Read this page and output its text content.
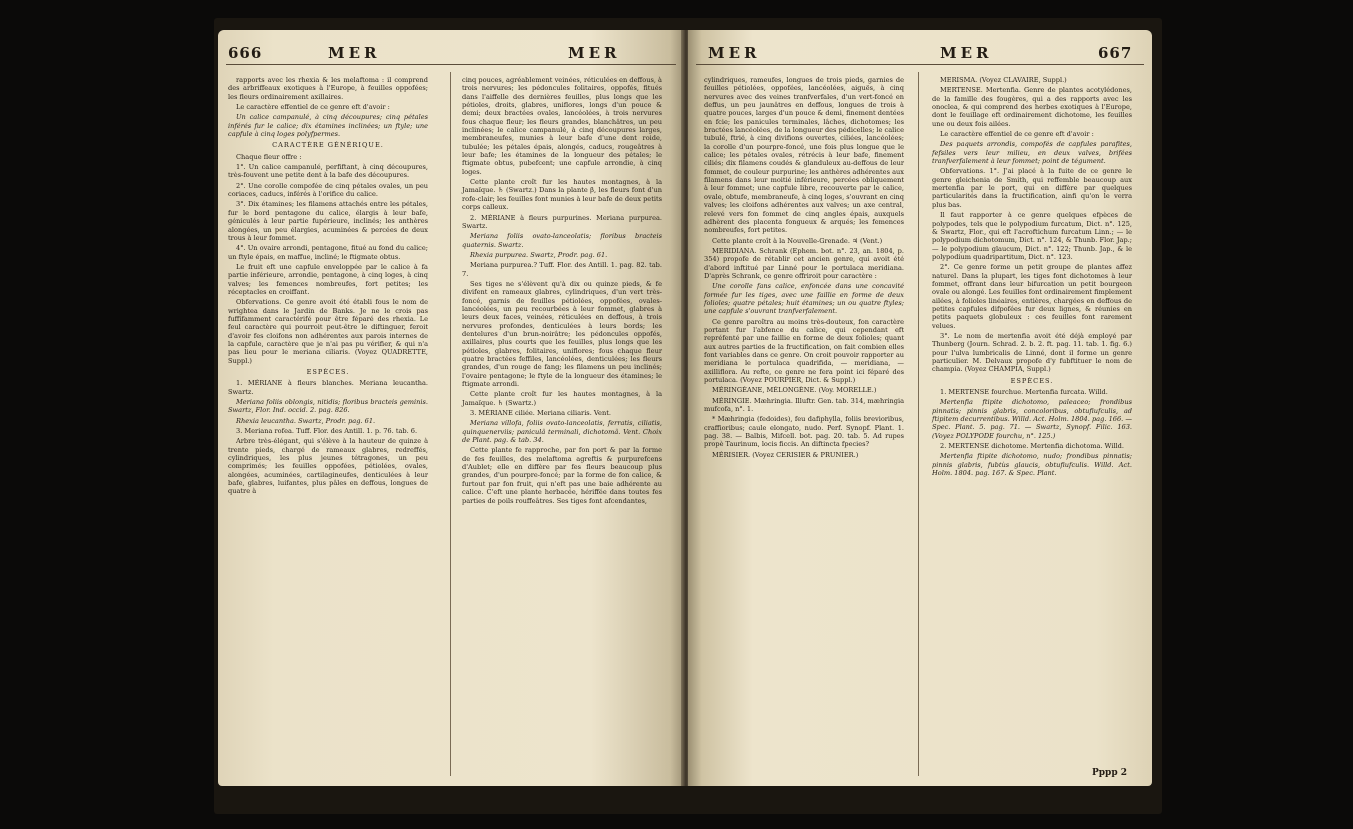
666	MER	MER

rapports avec les rhexia & les melaftoma : il comprend des arbriffeaux exotiques à l'Europe, à feuilles oppofées; les fleurs ordinairement axillaires.

Le caractère effentiel de ce genre eft d'avoir :

Un calice campanulé, à cinq découpures; cinq pétales inférés fur le calice; dix étamines inclinées; un ftyle; une capfule à cinq loges polyfpermes.

CARACTÈRE GÉNÉRIQUE.

Chaque fleur offre :

1°. Un calice campanulé, perfiftant, à cinq découpures, très-fouvent une petite dent à la bafe des découpures.

2°. Une corolle compofée de cinq pétales ovales, un peu coriaces, caducs, inférés à l'orifice du calice.

3°. Dix étamines; les filamens attachés entre les pétales, fur le bord pentagone du calice, élargis à leur bafe, géniculés à leur partie fupérieure, inclinés; les anthères alongées, un peu élargies, acuminées & percées de deux trous à leur fommet.

4°. Un ovaire arrondi, pentagone, fitué au fond du calice; un ftyle épais, en maffue, incliné; le ftigmate obtus.

Le fruit eft une capfule enveloppée par le calice à fa partie inférieure, arrondie, pentagone, à cinq loges, à cinq valves; les femences nombreufes, fort petites; les réceptacles en croiffant.

Obfervations. Ce genre avoit été établi fous le nom de wrightea dans le Jardin de Banks. Je ne le crois pas fuffifamment caractérifé pour être féparé des rhexia. Le feul caractère qui pourroit peut-être le diftinguer, feroit d'avoir fes cloifons non adhérentes aux parois internes de la capfule, caractère que je n'ai pas pu vérifier, & qui n'a pas lieu pour le meriana ciliaris. (Voyez QUADRETTE, Suppl.)

ESPÈCES.

1. MÉRIANE à fleurs blanches. Meriana leucantha. Swartz.

Meriana foliis oblongis, nitidis; floribus bracteis geminis. Swartz, Flor. Ind. occid. 2. pag. 826.

Rhexia leucantha. Swartz, Prodr. pag. 61.

3. Meriana rofea. Tuff. Flor. des Antill. 1. p. 76. tab. 6.

Arbre très-élégant, qui s'élève à la hauteur de quinze à trente pieds, chargé de rameaux glabres, redreffés, cylindriques, les plus jeunes tétragones, un peu comprimés; les feuilles oppofées, pétiolées, ovales, alongées, acuminées, cartilagineufes, denticulées à leur bafe, glabres, luifantes, plus pâles en deffous, longues de quatre à

cinq pouces, agréablement veinées, réticulées en deffous, à trois nervures; les pédoncules folitaires, oppofés, fitués dans l'aiffelle des dernières feuilles, plus longs que les pétioles, droits, glabres, uniflores, longs d'un pouce & demi; deux bractées ovales, lancéolées, à trois nervures fous chaque fleur; les fleurs grandes, blanchâtres, un peu inclinées; le calice campanulé, à cinq découpures larges, membraneufes, munies à leur bafe d'une dent roide, tubulée; les pétales épais, alongés, caducs, rougeâtres à leur bafe; les étamines de la longueur des pétales; le ftigmate obtus, pubefcent; une capfule arrondie, à cinq loges.

Cette plante croît fur les hautes montagnes, à la Jamaïque. ♄ (Swartz.) Dans la plante β, les fleurs font d'un rofe-clair; les feuilles font munies à leur bafe de deux petits corps calleux.

2. MÉRIANE à fleurs purpurines. Meriana purpurea. Swartz.

Meriana foliis ovato-lanceolatis; floribus bracteis quaternis. Swartz.

Rhexia purpurea. Swartz, Prodr. pag. 61.

Meriana purpurea.? Tuff. Flor. des Antill. 1. pag. 82. tab. 7.

Ses tiges ne s'élèvent qu'à dix ou quinze pieds, & fe divifent en rameaux glabres, cylindriques, d'un vert très-foncé, garnis de feuilles pétiolées, oppofées, ovales-lancéolées, un peu recourbées à leur fommet, glabres à leurs deux faces, veinées, réticulées en deffous, à trois nervures profondes, denticulées à leurs bords; les dentelures d'un brun-noirâtre; les pédoncules oppofés, axillaires, plus courts que les feuilles, plus longs que les pétioles, glabres, folitaires, uniflores; fous chaque fleur quatre bractées feffiles, lancéolées, denticulées; les fleurs grandes, d'un rouge de fang; les filamens un peu inclinés; l'ovaire pentagone; le ftyle de la longueur des étamines; le ftigmate arrondi.

Cette plante croît fur les hautes montagnes, à la Jamaïque. ♄ (Swartz.)

3. MÉRIANE ciliée. Meriana ciliaris. Vent.

Meriana villofa, foliis ovato-lanceolatis, ferratis, ciliatis, quinquenerviis; paniculâ terminali, dichotomâ. Vent. Choix de Plant. pag. & tab. 34.

Cette plante fe rapproche, par fon port & par la forme de fes feuilles, des melaftoma agreftis & purpurefcens d'Aublet; elle en diffère par fes fleurs beaucoup plus grandes, d'un pourpre-foncé; par la forme de fon calice, & furtout par fon fruit, qui n'eft pas une baie adhérente au calice. C'eft une plante herbacée, hériffée dans toutes fes parties de poils rouffeâtres. Ses tiges font afcendantes,

MER	MER	667

cylindriques, rameufes, longues de trois pieds, garnies de feuilles pétiolées, oppofées, lancéolées, aiguës, à cinq nervures avec des veines tranfverfales, d'un vert-foncé en deffus, un peu jaunâtres en deffous, longues de trois à quatre pouces, larges d'un pouce & demi, finement dentées en fcie; les panicules terminales, lâches, dichotomes; les bractées lancéolées, de la longueur des pédicelles; le calice tubulé, ftrié, à cinq divifions ouvertes, ciliées, lancéolées; la corolle d'un pourpre-foncé, une fois plus longue que le calice; les pétales ovales, rétrécis à leur bafe, finement ciliés; dix filamens coudés & glanduleux au-deffous de leur fommet, de couleur purpurine; les anthères adhérentes aux filamens dans leur moitié inférieure, percées obliquement à leur fommet; une capfule libre, recouverte par le calice, ovale, obtufe, membraneufe, à cinq loges, s'ouvrant en cinq valves; les cloifons adhérentes aux valves; un axe central, relevé vers fon fommet de cinq angles épais, auxquels adhèrent des placenta fongueux & arqués; les femences nombreufes, fort petites.

Cette plante croît à la Nouvelle-Grenade. ♃ (Vent.)

MERIDIANA. Schrank (Ephem. bot. n°. 23, an. 1804, p. 354) propofe de rétablir cet ancien genre, qui avoit été d'abord inftitué par Linné pour le portulaca meridiana. D'après Schrank, ce genre offriroit pour caractère :

Une corolle fans calice, enfoncée dans une concavité formée fur les tiges, avec une faillie en forme de deux folioles; quatre pétales; huit étamines; un ou quatre ftyles; une capfule s'ouvrant tranfverfalement.

Ce genre paroîtra au moins très-douteux, fon caractère portant fur l'abfence du calice, qui cependant eft repréfenté par une faillie en forme de deux folioles; quant aux autres parties de la fructification, on fait combien elles font variables dans ce genre. On croit pouvoir rapporter au meridiana le portulaca quadrifida, — meridiana, — axilliflora. Au refte, ce genre ne fera point ici féparé des portulaca. (Voyez POURPIER, Dict. & Suppl.)

MÉRINGÉANE, MÉLONGÈNE. (Voy. MORELLE.)

MÉRINGIE. Mæhringia. Illuftr. Gen. tab. 314, mæhringia mufcofa, n°. 1.

* Mæhringia (fedoides), feu dafiphylla, foliis brevioribus, craffioribus; caule elongato, nudo. Perf. Synopf. Plant. 1. pag. 38. — Balbis, Mifcell. bot. pag. 20. tab. 5. Ad rupes propè Taurinum, locis ficcis. An diftincta fpecies?

MÉRISIER. (Voyez CERISIER & PRUNIER.)

MERISMA. (Voyez CLAVAIRE, Suppl.)

MERTENSE. Mertenfia. Genre de plantes acotylédones, de la famille des fougères, qui a des rapports avec les onoclea, & qui comprend des herbes exotiques à l'Europe, dont le feuillage eft ordinairement dichotome, les feuilles une ou deux fois ailées.

Le caractère effentiel de ce genre eft d'avoir :

Des paquets arrondis, compofés de capfules parafites, fefsiles vers leur milieu, en deux valves, brifées tranfverfalement à leur fommet; point de tégument.

Obfervations. 1°. J'ai placé à la fuite de ce genre le genre gleichenia de Smith, qui reffemble beaucoup aux mertenfia par le port, qui en diffère par quelques particularités dans la fructification, ainfi qu'on le verra plus bas.

Il faut rapporter à ce genre quelques efpèces de polypodes, tels que le polypodium furcatum, Dict. n°. 125, & Swartz, Flor., qui eft l'acroftichum furcatum Linn.; — le polypodium dichotomum, Dict. n°. 124, & Thunb. Flor. Jap.; — le polypodium glaucum, Dict. n°. 122; Thunb. Jap., & le polypodium quadripartitum, Dict. n°. 123.

2°. Ce genre forme un petit groupe de plantes affez naturel. Dans la plupart, les tiges font dichotomes à leur fommet, offrant dans leur bifurcation un petit bourgeon ovale ou alongé. Les feuilles font ordinairement fimplement ailées, à folioles linéaires, entières, chargées en deffous de petites capfules difpofées fur deux lignes, & réunies en petits paquets globuleux : ces feuilles font rarement velues.

3°. Le nom de mertenfia avoit été déjà employé par Thunberg (Journ. Schrad. 2. b. 2. ft. pag. 11. tab. 1. fig. 6.) pour l'ulva lumbricalis de Linné, dont il forme un genre particulier. M. Delvaux propofe d'y fubftituer le nom de champia. (Voyez CHAMPIA, Suppl.)

ESPÈCES.

1. MERTENSE fourchue. Mertenfia furcata. Willd.

Mertenfia ftipite dichotomo, paleaceo; frondibus pinnatis; pinnis glabris, concoloribus, obtufiufculis, ad ftipitem decurrentibus. Willd. Act. Holm. 1804. pag. 166. — Spec. Plant. 5. pag. 71. — Swartz, Synopf. Filic. 163. (Voyez POLYPODE fourchu, n°. 125.)

2. MERTENSE dichotome. Mertenfia dichotoma. Willd.

Mertenfia ftipite dichotomo, nudo; frondibus pinnatis; pinnis glabris, fubtùs glaucis, obtufiufculis. Willd. Act. Holm. 1804. pag. 167. & Spec. Plant.

Pppp 2
